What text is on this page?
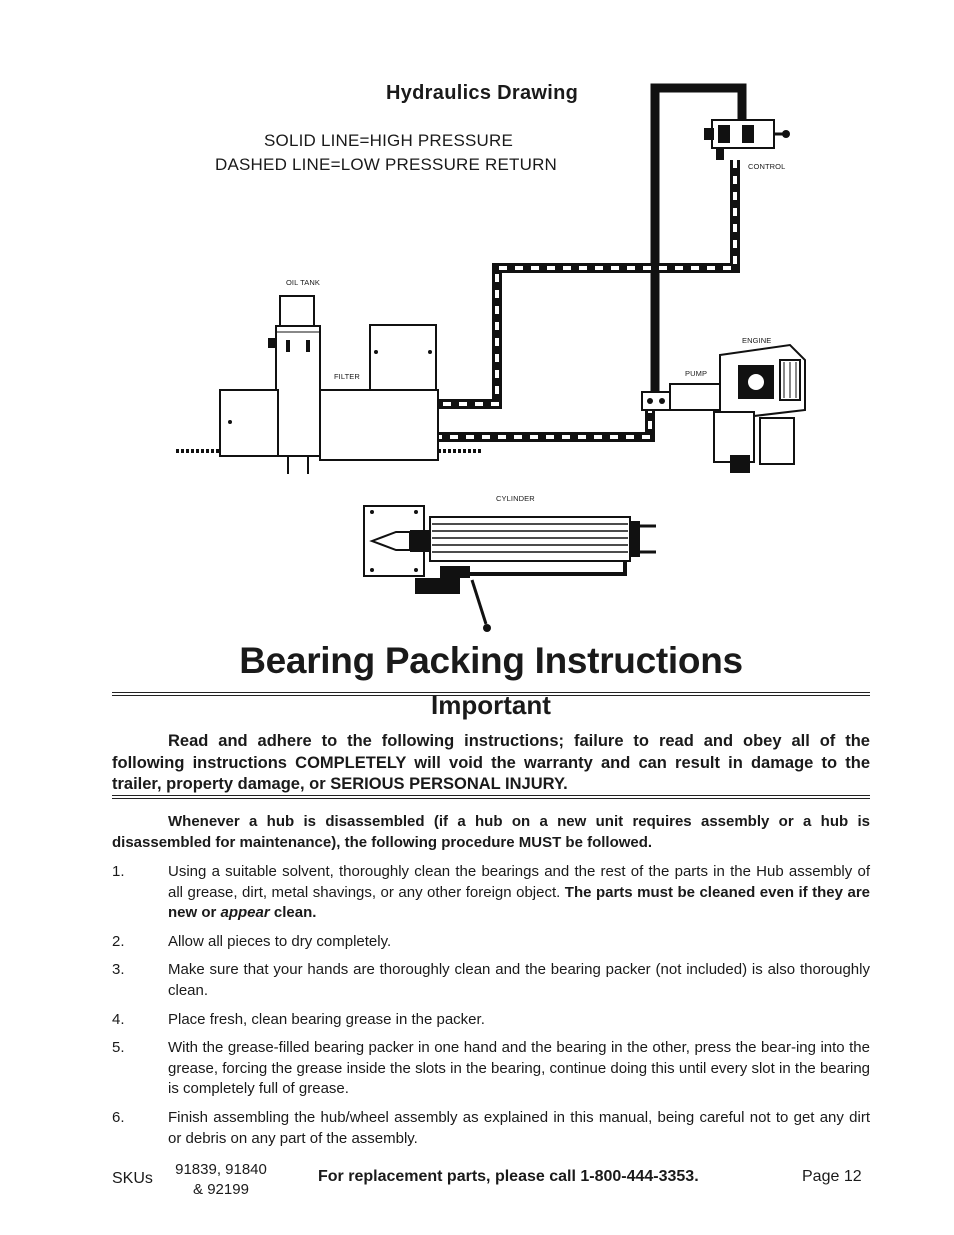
Hydraulics Drawing
SOLID LINE=HIGH PRESSURE
DASHED LINE=LOW PRESSURE RETURN	CONTROL
OIL TANK
ENGINE
FILTER	PUMP
CYLINDER
Bearing Packing Instructions
Important
Read and adhere to the following instructions; failure to read and obey all of the following instructions COMPLETELY will void the warranty and can result in damage to the trailer, property damage, or SERIOUS PERSONAL INJURY.
Whenever a hub is disassembled (if a hub on a new unit requires assembly or a hub is disassembled for maintenance), the following procedure MUST be followed.
1.	Using a suitable solvent, thoroughly clean the bearings and the rest of the parts in the Hub assembly of all grease, dirt, metal shavings, or any other foreign object. The parts must be cleaned even if they are new or appear clean.
2.	Allow all pieces to dry completely.
3.	Make sure that your hands are thoroughly clean and the bearing packer (not included) is also thoroughly clean.
4.	Place fresh, clean bearing grease in the packer.
5.	With the grease-filled bearing packer in one hand and the bearing in the other, press the bear-ing into the grease, forcing the grease inside the slots in the bearing, continue doing this until every slot in the bearing is completely full of grease.
6.	Finish assembling the hub/wheel assembly as explained in this manual, being careful not to get any dirt or debris on any part of the assembly.
SKUs
91839, 91840
& 92199
For replacement parts, please call 1-800-444-3353.	Page 12
